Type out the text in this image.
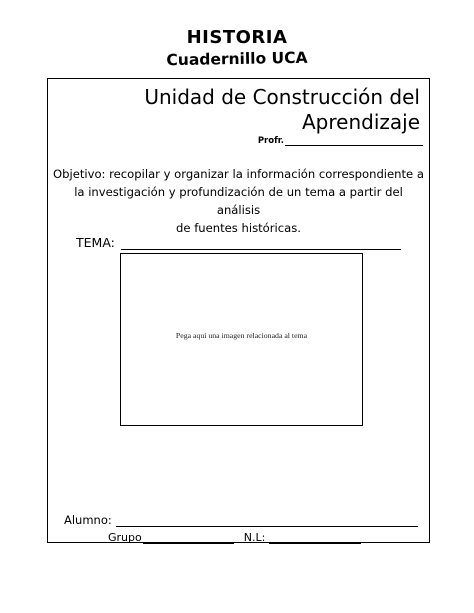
HISTORIA
Cuadernillo UCA
Unidad de Construcción del
Aprendizaje
Profr.
Objetivo: recopilar y organizar la información correspondiente a
la investigación y profundización de un tema a partir del análisis
de fuentes históricas.
TEMA:
Pega aquí una imagen relacionada al tema
Alumno:
Grupo	N.L:
